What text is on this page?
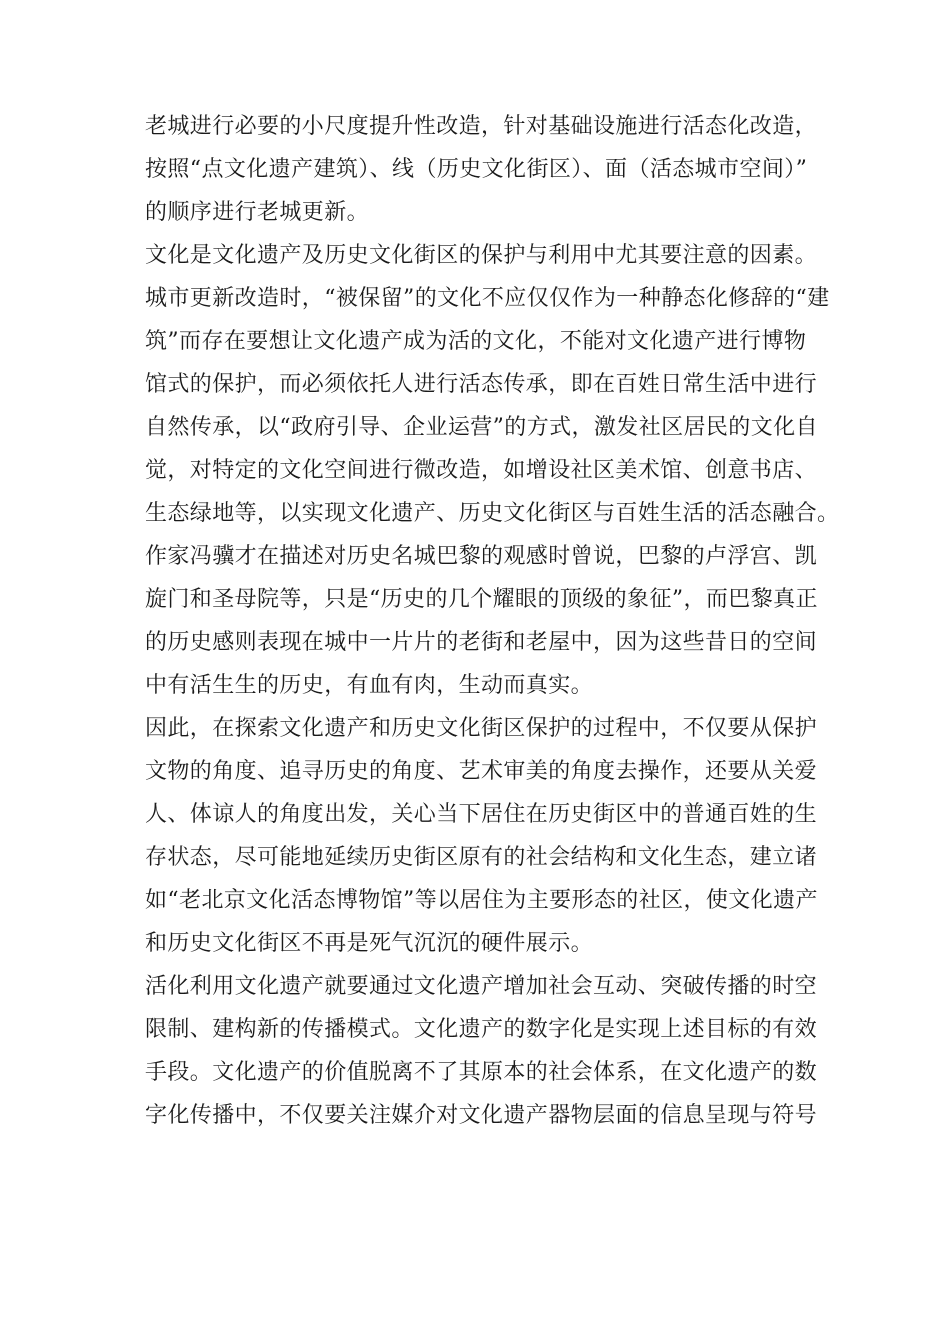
老城进行必要的小尺度提升性改造，针对基础设施进行活态化改造，
按照“点文化遗产建筑）、线（历史文化街区）、面（活态城市空间）”
的顺序进行老城更新。
文化是文化遗产及历史文化街区的保护与利用中尤其要注意的因素。
城市更新改造时，“被保留”的文化不应仅仅作为一种静态化修辞的“建
筑”而存在要想让文化遗产成为活的文化，不能对文化遗产进行博物
馆式的保护，而必须依托人进行活态传承，即在百姓日常生活中进行
自然传承，以“政府引导、企业运营”的方式，激发社区居民的文化自
觉，对特定的文化空间进行微改造，如增设社区美术馆、创意书店、
生态绿地等，以实现文化遗产、历史文化街区与百姓生活的活态融合。
作家冯骥才在描述对历史名城巴黎的观感时曾说，巴黎的卢浮宫、凯
旋门和圣母院等，只是“历史的几个耀眼的顶级的象征”，而巴黎真正
的历史感则表现在城中一片片的老街和老屋中，因为这些昔日的空间
中有活生生的历史，有血有肉，生动而真实。
因此，在探索文化遗产和历史文化街区保护的过程中，不仅要从保护
文物的角度、追寻历史的角度、艺术审美的角度去操作，还要从关爱
人、体谅人的角度出发，关心当下居住在历史街区中的普通百姓的生
存状态，尽可能地延续历史街区原有的社会结构和文化生态，建立诸
如“老北京文化活态博物馆”等以居住为主要形态的社区，使文化遗产
和历史文化街区不再是死气沉沉的硬件展示。
活化利用文化遗产就要通过文化遗产增加社会互动、突破传播的时空
限制、建构新的传播模式。文化遗产的数字化是实现上述目标的有效
手段。文化遗产的价值脱离不了其原本的社会体系，在文化遗产的数
字化传播中，不仅要关注媒介对文化遗产器物层面的信息呈现与符号
